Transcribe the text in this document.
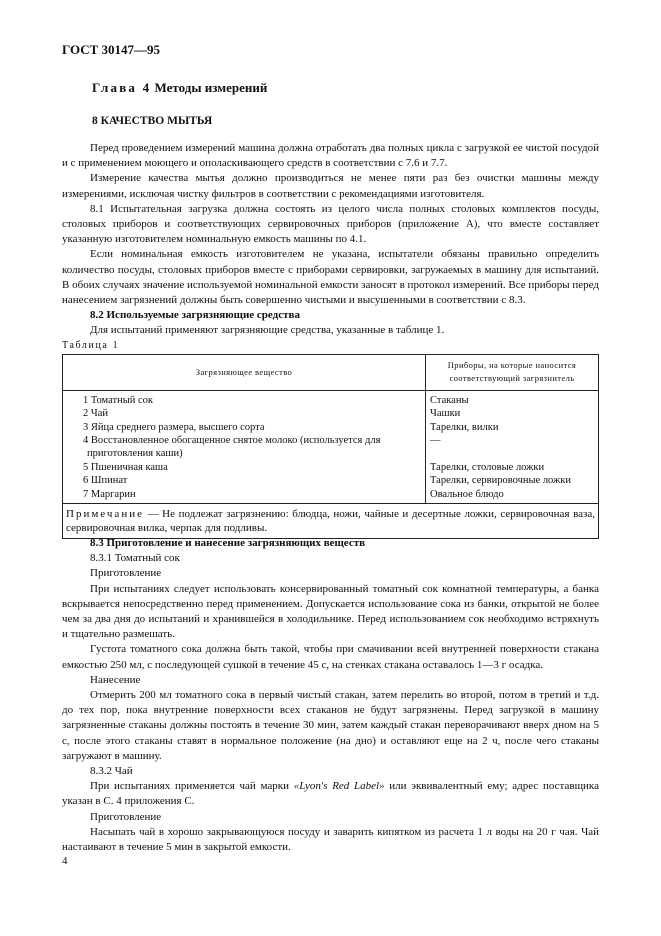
ГОСТ 30147—95
Глава 4 Методы измерений
8 КАЧЕСТВО МЫТЬЯ

Перед проведением измерений машина должна отработать два полных цикла с загрузкой ее чистой посудой и с применением моющего и ополаскивающего средств в соответствии с 7.6 и 7.7.

Измерение качества мытья должно производиться не менее пяти раз без очистки машины между измерениями, исключая чистку фильтров в соответствии с рекомендациями изготовителя.

8.1 Испытательная загрузка должна состоять из целого числа полных столовых комплектов посуды, столовых приборов и соответствующих сервировочных приборов (приложение А), что вместе составляет указанную изготовителем номинальную емкость машины по 4.1.

Если номинальная емкость изготовителем не указана, испытатели обязаны правильно определить количество посуды, столовых приборов вместе с приборами сервировки, загружаемых в машину для испытаний. В обоих случаях значение используемой номинальной емкости заносят в протокол измерений. Все приборы перед нанесением загрязнений должны быть совершенно чистыми и высушенными в соответствии с 8.3.

8.2 Используемые загрязняющие средства

Для испытаний применяют загрязняющие средства, указанные в таблице 1.

Таблица 1
Загрязняющее вещество	Приборы, на которые наносится соответствующий загрязнитель

1 Томатный сок	Стаканы

2 Чай	Чашки

3 Яйца среднего размера, высшего сорта	Тарелки, вилки

4 Восстановленное обогащенное снятое молоко (используется для приготовления каши)	—

5 Пшеничная каша	Тарелки, столовые ложки

6 Шпинат	Тарелки, сервировочные ложки

7 Маргарин	Овальное блюдо

Примечание — Не подлежат загрязнению: блюдца, ножи, чайные и десертные ложки, сервировочная ваза, сервировочная вилка, черпак для подливы.	

8.3 Приготовление и нанесение загрязняющих веществ

8.3.1 Томатный сок

Приготовление

При испытаниях следует использовать консервированный томатный сок комнатной температуры, а банка вскрывается непосредственно перед применением. Допускается использование сока из банки, открытой не более чем за два дня до испытаний и хранившейся в холодильнике. Перед использованием сок необходимо встряхнуть и тщательно размешать.

Густота томатного сока должна быть такой, чтобы при смачивании всей внутренней поверхности стакана емкостью 250 мл, с последующей сушкой в течение 45 с, на стенках стакана оставалось 1—3 г осадка.

Нанесение

Отмерить 200 мл томатного сока в первый чистый стакан, затем перелить во второй, потом в третий и т.д. до тех пор, пока внутренние поверхности всех стаканов не будут загрязнены. Перед загрузкой в машину загрязненные стаканы должны постоять в течение 30 мин, затем каждый стакан переворачивают вверх дном на 5 с, после этого стаканы ставят в нормальное положение (на дно) и оставляют еще на 2 ч, после чего стаканы загружают в машину.

8.3.2 Чай

При испытаниях применяется чай марки «Lyon's Red Label» или эквивалентный ему; адрес поставщика указан в С. 4 приложения С.

Приготовление

Насыпать чай в хорошо закрывающуюся посуду и заварить кипятком из расчета 1 л воды на 20 г чая. Чай настаивают в течение 5 мин в закрытой емкости.

4
